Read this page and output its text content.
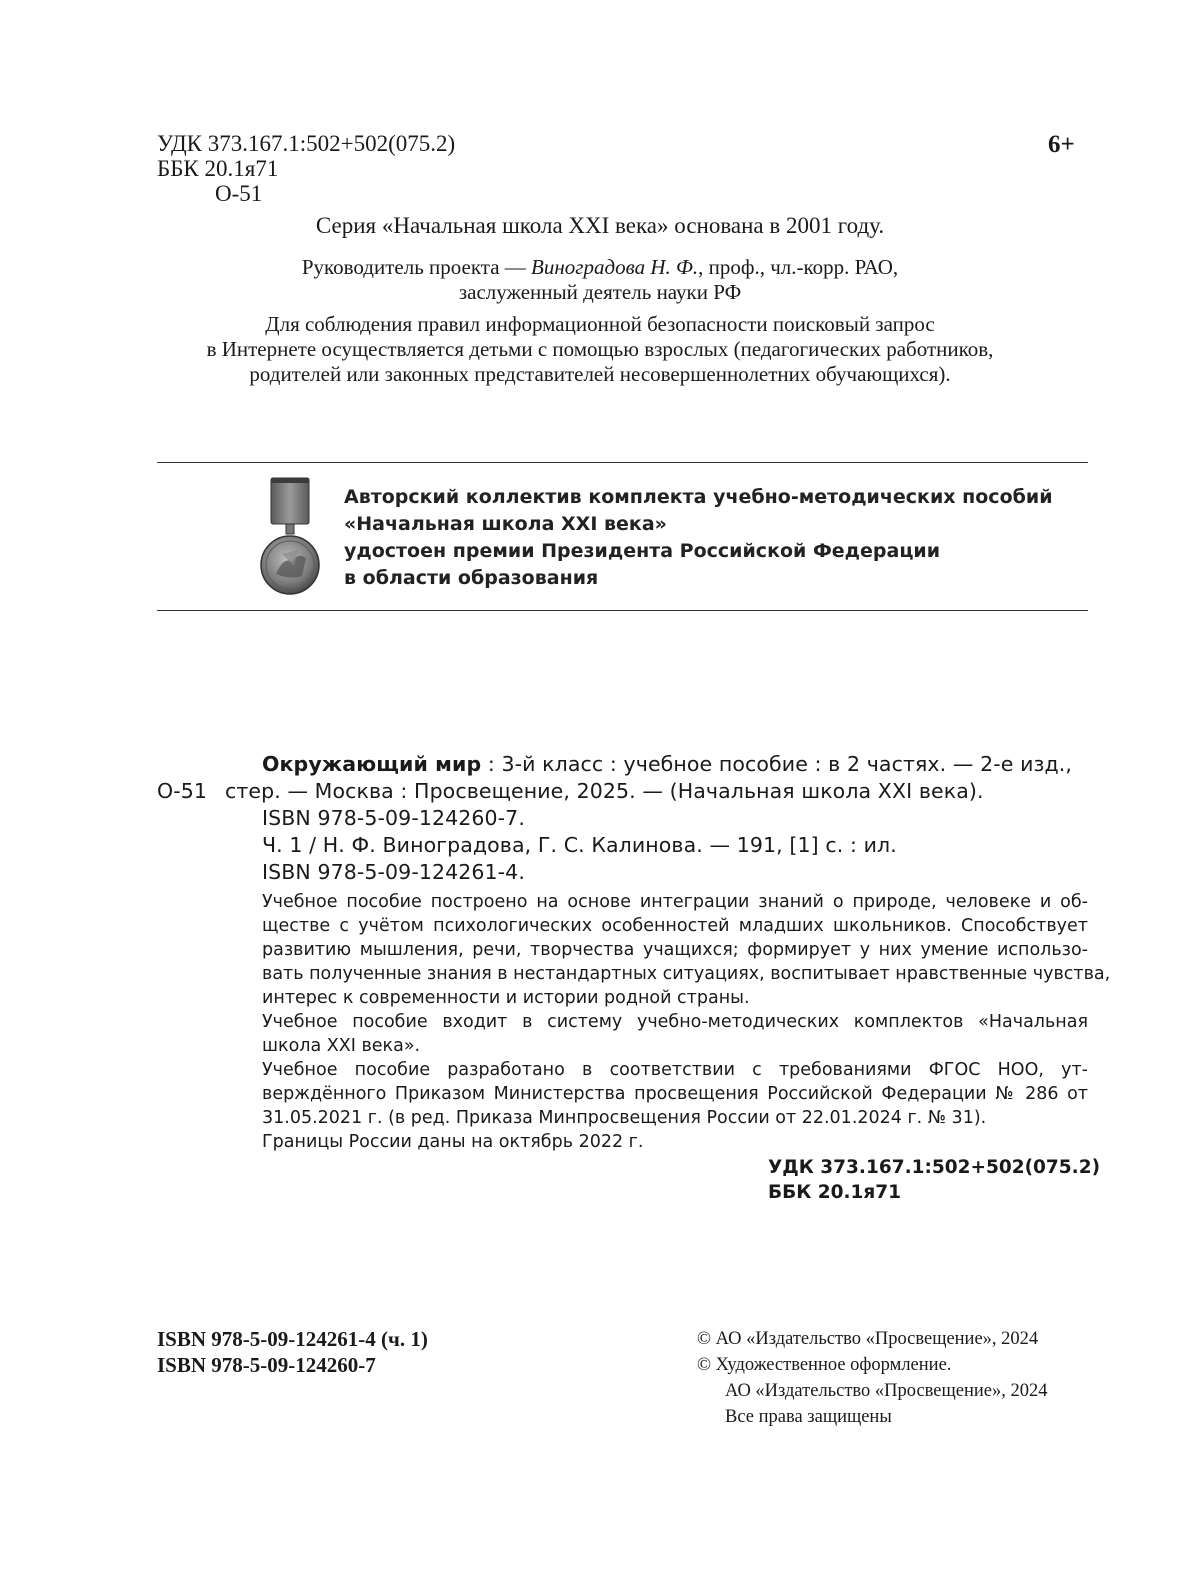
УДК 373.167.1:502+502(075.2)
ББК 20.1я71
О-51
6+
Серия «Начальная школа XXI века» основана в 2001 году.
Руководитель проекта — Виноградова Н. Ф., проф., чл.-корр. РАО,
заслуженный деятель науки РФ
Для соблюдения правил информационной безопасности поисковый запрос
в Интернете осуществляется детьми с помощью взрослых (педагогических работников,
родителей или законных представителей несовершеннолетних обучающихся).
Авторский коллектив комплекта учебно-методических пособий
«Начальная школа XXI века»
удостоен премии Президента Российской Федерации
в области образования
Окружающий мир : 3-й класс : учебное пособие : в 2 частях. — 2-е изд.,
О-51 стер. — Москва : Просвещение, 2025. — (Начальная школа XXI века).
ISBN 978-5-09-124260-7.
Ч. 1 / Н. Ф. Виноградова, Г. С. Калинова. — 191, [1] с. : ил.
ISBN 978-5-09-124261-4.
Учебное пособие построено на основе интеграции знаний о природе, человеке и об-
ществе с учётом психологических особенностей младших школьников. Способствует
развитию мышления, речи, творчества учащихся; формирует у них умение использо-
вать полученные знания в нестандартных ситуациях, воспитывает нравственные чувства,
интерес к современности и истории родной страны.
Учебное пособие входит в систему учебно-методических комплектов «Начальная
школа XXI века».
Учебное пособие разработано в соответствии с требованиями ФГОС НОО, ут-
верждённого Приказом Министерства просвещения Российской Федерации № 286 от
31.05.2021 г. (в ред. Приказа Минпросвещения России от 22.01.2024 г. № 31).
Границы России даны на октябрь 2022 г.
УДК 373.167.1:502+502(075.2)
ББК 20.1я71
ISBN 978-5-09-124261-4 (ч. 1)
ISBN 978-5-09-124260-7
© АО «Издательство «Просвещение», 2024
© Художественное оформление.
АО «Издательство «Просвещение», 2024
Все права защищены
